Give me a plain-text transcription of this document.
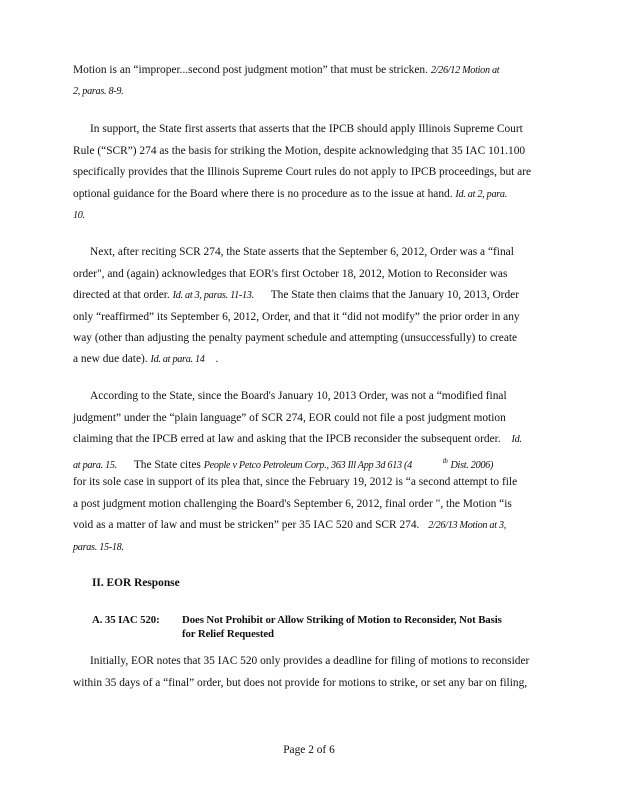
Motion is an “improper...second post judgment motion” that must be stricken. 2/26/12 Motion at
2, paras. 8-9.
In support, the State first asserts that asserts that the IPCB should apply Illinois Supreme Court
Rule (“SCR”) 274 as the basis for striking the Motion, despite acknowledging that 35 IAC 101.100
specifically provides that the Illinois Supreme Court rules do not apply to IPCB proceedings, but are
optional guidance for the Board where there is no procedure as to the issue at hand. Id. at 2, para.
10.
Next, after reciting SCR 274, the State asserts that the September 6, 2012, Order was a “final
order", and (again) acknowledges that EOR's first October 18, 2012, Motion to Reconsider was
directed at that order. Id. at 3, paras. 11-13. The State then claims that the January 10, 2013, Order
only “reaffirmed” its September 6, 2012, Order, and that it “did not modify” the prior order in any
way (other than adjusting the penalty payment schedule and attempting (unsuccessfully) to create
a new due date). Id. at para. 14 .
According to the State, since the Board's January 10, 2013 Order, was not a “modified final
judgment” under the “plain language” of SCR 274, EOR could not file a post judgment motion
claiming that the IPCB erred at law and asking that the IPCB reconsider the subsequent order. Id.
at para. 15. The State cites People v Petco Petroleum Corp., 363 Ill App 3d 613 (4	$^{th}$ Dist. 2006)
for its sole case in support of its plea that, since the February 19, 2012 is “a second attempt to file
a post judgment motion challenging the Board's September 6, 2012, final order ", the Motion “is
void as a matter of law and must be stricken” per 35 IAC 520 and SCR 274. 2/26/13 Motion at 3,
paras. 15-18.
II. EOR Response
A. 35 IAC 520: Does Not Prohibit or Allow Striking of Motion to Reconsider, Not Basis
for Relief Requested
Initially, EOR notes that 35 IAC 520 only provides a deadline for filing of motions to reconsider
within 35 days of a “final” order, but does not provide for motions to strike, or set any bar on filing,
Page 2 of 6
